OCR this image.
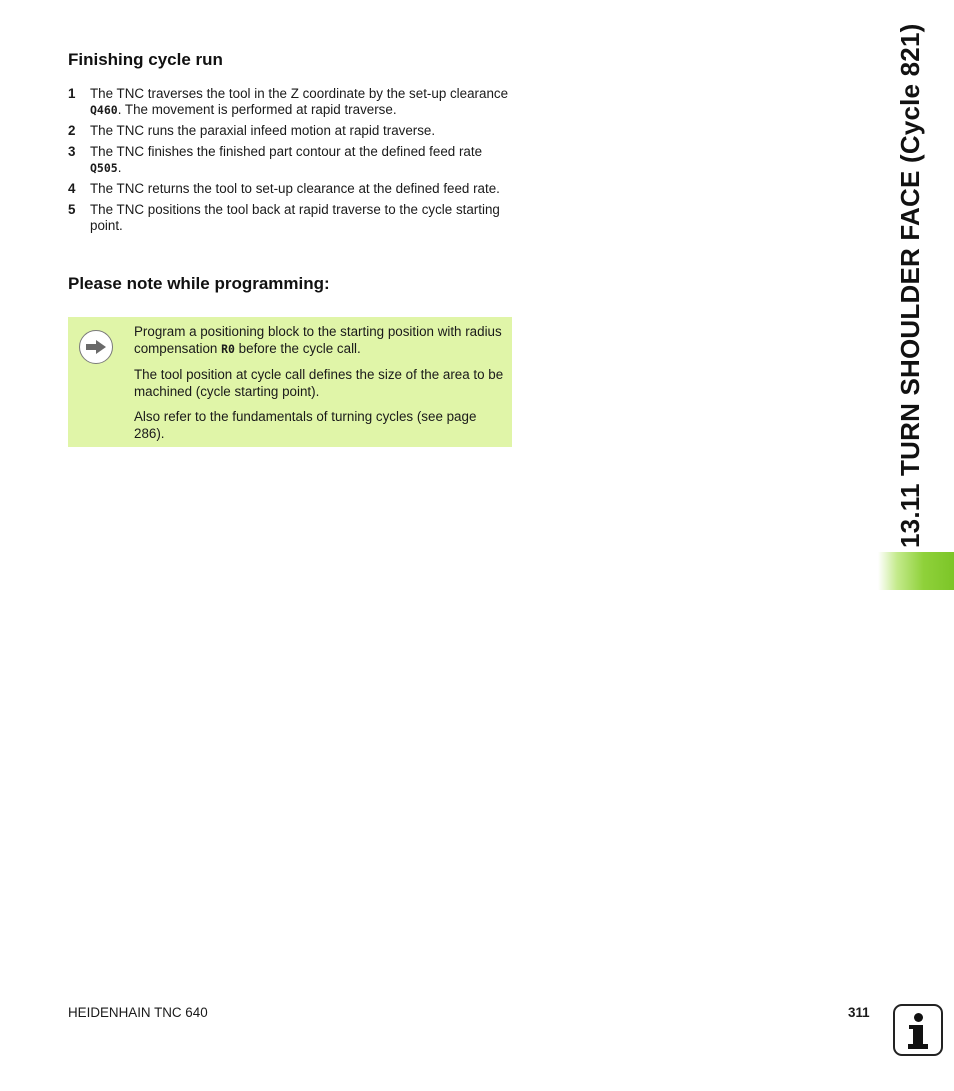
Finishing cycle run
1 The TNC traverses the tool in the Z coordinate by the set-up clearance Q460. The movement is performed at rapid traverse.
2 The TNC runs the paraxial infeed motion at rapid traverse.
3 The TNC finishes the finished part contour at the defined feed rate Q505.
4 The TNC returns the tool to set-up clearance at the defined feed rate.
5 The TNC positions the tool back at rapid traverse to the cycle starting point.
Please note while programming:

Program a positioning block to the starting position with radius compensation R0 before the cycle call.

The tool position at cycle call defines the size of the area to be machined (cycle starting point).

Also refer to the fundamentals of turning cycles (see page 286).	13.11 TURN SHOULDER FACE (Cycle 821)
HEIDENHAIN TNC 640	311
